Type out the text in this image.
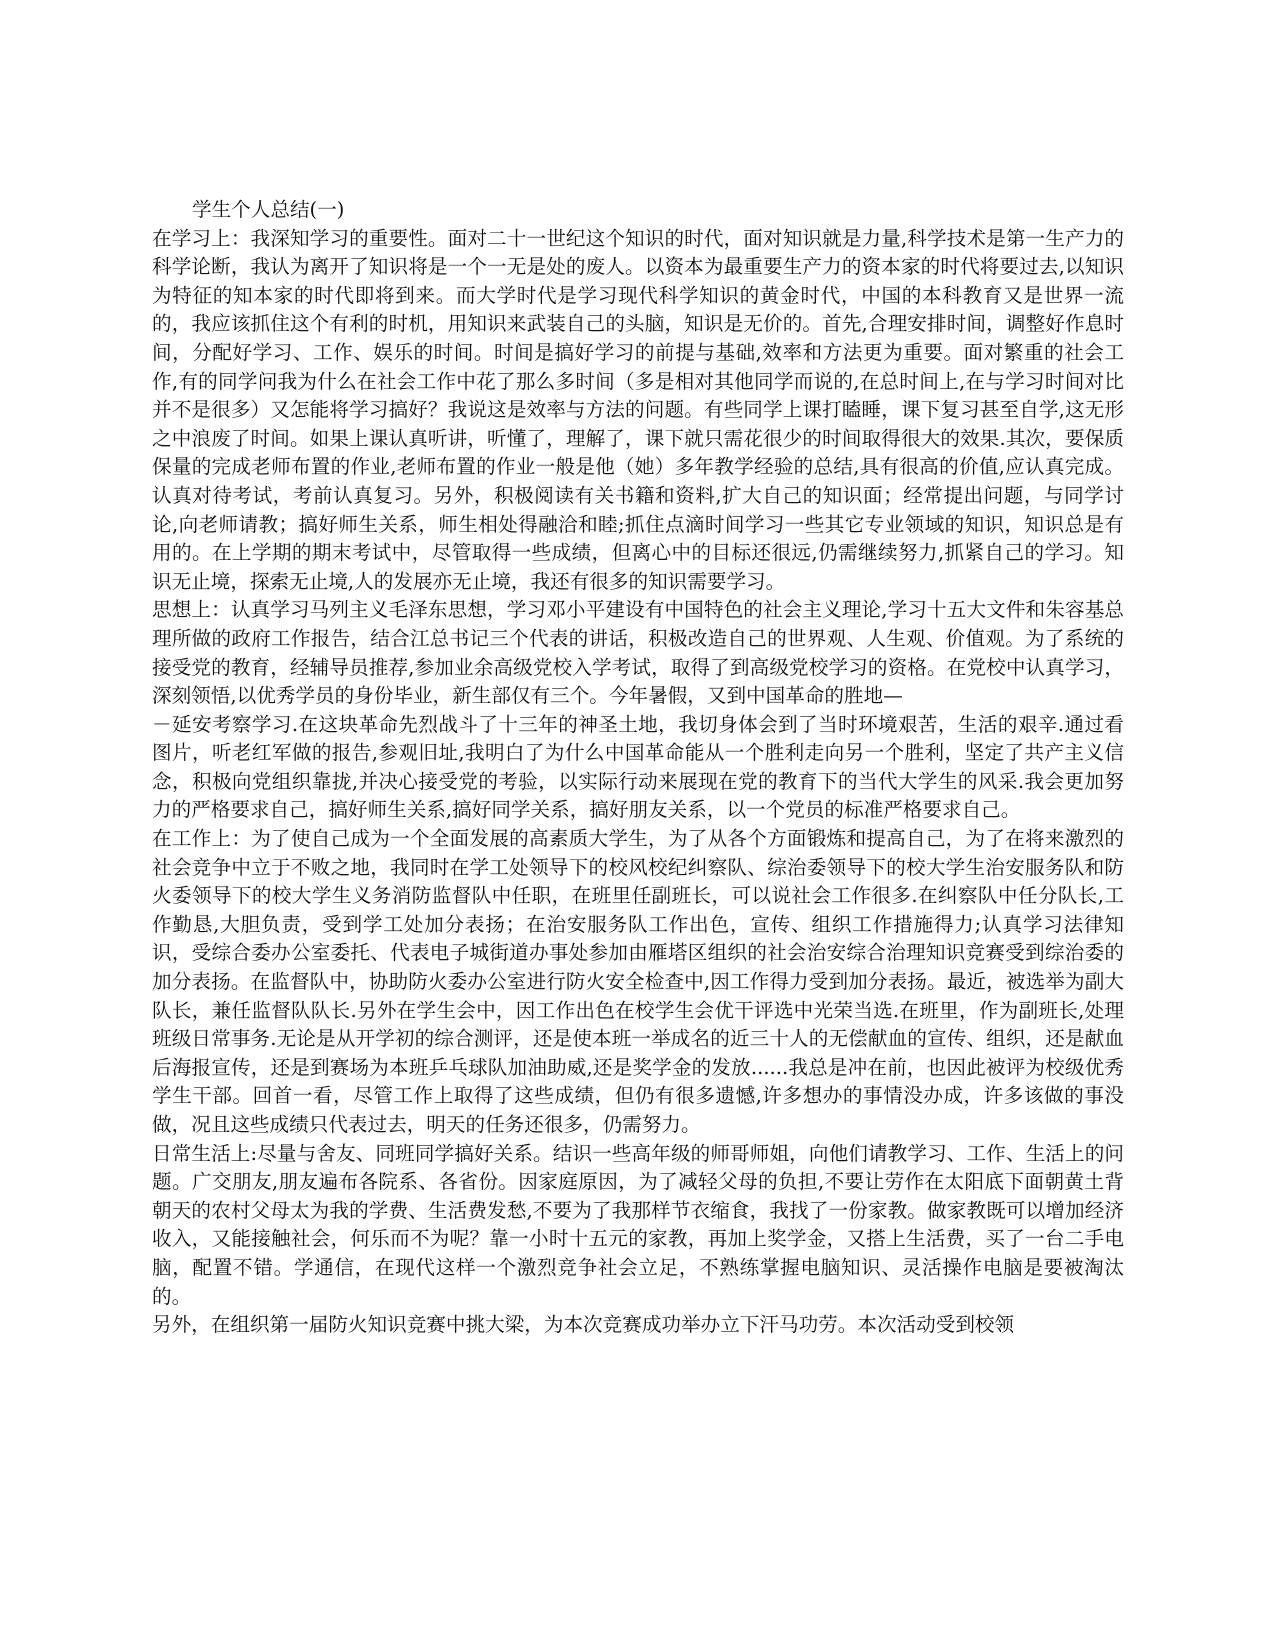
学生个人总结(一)

在学习上：我深知学习的重要性。面对二十一世纪这个知识的时代，面对知识就是力量,科学技术是第一生产力的科学论断，我认为离开了知识将是一个一无是处的废人。以资本为最重要生产力的资本家的时代将要过去,以知识为特征的知本家的时代即将到来。而大学时代是学习现代科学知识的黄金时代，中国的本科教育又是世界一流的，我应该抓住这个有利的时机，用知识来武装自己的头脑，知识是无价的。首先,合理安排时间，调整好作息时间，分配好学习、工作、娱乐的时间。时间是搞好学习的前提与基础,效率和方法更为重要。面对繁重的社会工作,有的同学问我为什么在社会工作中花了那么多时间（多是相对其他同学而说的,在总时间上,在与学习时间对比并不是很多）又怎能将学习搞好？我说这是效率与方法的问题。有些同学上课打瞌睡，课下复习甚至自学,这无形之中浪废了时间。如果上课认真听讲，听懂了，理解了，课下就只需花很少的时间取得很大的效果.其次，要保质保量的完成老师布置的作业,老师布置的作业一般是他（她）多年教学经验的总结,具有很高的价值,应认真完成。认真对待考试，考前认真复习。另外，积极阅读有关书籍和资料,扩大自己的知识面；经常提出问题，与同学讨论,向老师请教；搞好师生关系，师生相处得融洽和睦;抓住点滴时间学习一些其它专业领域的知识，知识总是有用的。在上学期的期末考试中，尽管取得一些成绩，但离心中的目标还很远,仍需继续努力,抓紧自己的学习。知识无止境，探索无止境,人的发展亦无止境，我还有很多的知识需要学习。

思想上：认真学习马列主义毛泽东思想，学习邓小平建设有中国特色的社会主义理论,学习十五大文件和朱容基总理所做的政府工作报告，结合江总书记三个代表的讲话，积极改造自己的世界观、人生观、价值观。为了系统的接受党的教育，经辅导员推荐,参加业余高级党校入学考试，取得了到高级党校学习的资格。在党校中认真学习，深刻领悟,以优秀学员的身份毕业，新生部仅有三个。今年暑假，又到中国革命的胜地—

－延安考察学习.在这块革命先烈战斗了十三年的神圣土地，我切身体会到了当时环境艰苦，生活的艰辛.通过看图片，听老红军做的报告,参观旧址,我明白了为什么中国革命能从一个胜利走向另一个胜利，坚定了共产主义信念，积极向党组织靠拢,并决心接受党的考验，以实际行动来展现在党的教育下的当代大学生的风采.我会更加努力的严格要求自己，搞好师生关系,搞好同学关系，搞好朋友关系，以一个党员的标准严格要求自己。

在工作上：为了使自己成为一个全面发展的高素质大学生，为了从各个方面锻炼和提高自己，为了在将来激烈的社会竞争中立于不败之地，我同时在学工处领导下的校风校纪纠察队、综治委领导下的校大学生治安服务队和防火委领导下的校大学生义务消防监督队中任职，在班里任副班长，可以说社会工作很多.在纠察队中任分队长,工作勤恳,大胆负责，受到学工处加分表扬；在治安服务队工作出色，宣传、组织工作措施得力;认真学习法律知识，受综合委办公室委托、代表电子城街道办事处参加由雁塔区组织的社会治安综合治理知识竞赛受到综治委的加分表扬。在监督队中，协助防火委办公室进行防火安全检查中,因工作得力受到加分表扬。最近，被选举为副大队长，兼任监督队队长.另外在学生会中，因工作出色在校学生会优干评选中光荣当选.在班里，作为副班长,处理班级日常事务.无论是从开学初的综合测评，还是使本班一举成名的近三十人的无偿献血的宣传、组织，还是献血后海报宣传，还是到赛场为本班乒乓球队加油助威,还是奖学金的发放......我总是冲在前，也因此被评为校级优秀学生干部。回首一看，尽管工作上取得了这些成绩，但仍有很多遗憾,许多想办的事情没办成，许多该做的事没做，况且这些成绩只代表过去，明天的任务还很多，仍需努力。

日常生活上:尽量与舍友、同班同学搞好关系。结识一些高年级的师哥师姐，向他们请教学习、工作、生活上的问题。广交朋友,朋友遍布各院系、各省份。因家庭原因，为了减轻父母的负担,不要让劳作在太阳底下面朝黄土背朝天的农村父母太为我的学费、生活费发愁,不要为了我那样节衣缩食，我找了一份家教。做家教既可以增加经济收入，又能接触社会，何乐而不为呢？靠一小时十五元的家教，再加上奖学金，又搭上生活费，买了一台二手电脑，配置不错。学通信，在现代这样一个激烈竞争社会立足，不熟练掌握电脑知识、灵活操作电脑是要被淘汰的。

另外，在组织第一届防火知识竞赛中挑大梁，为本次竞赛成功举办立下汗马功劳。本次活动受到校领
